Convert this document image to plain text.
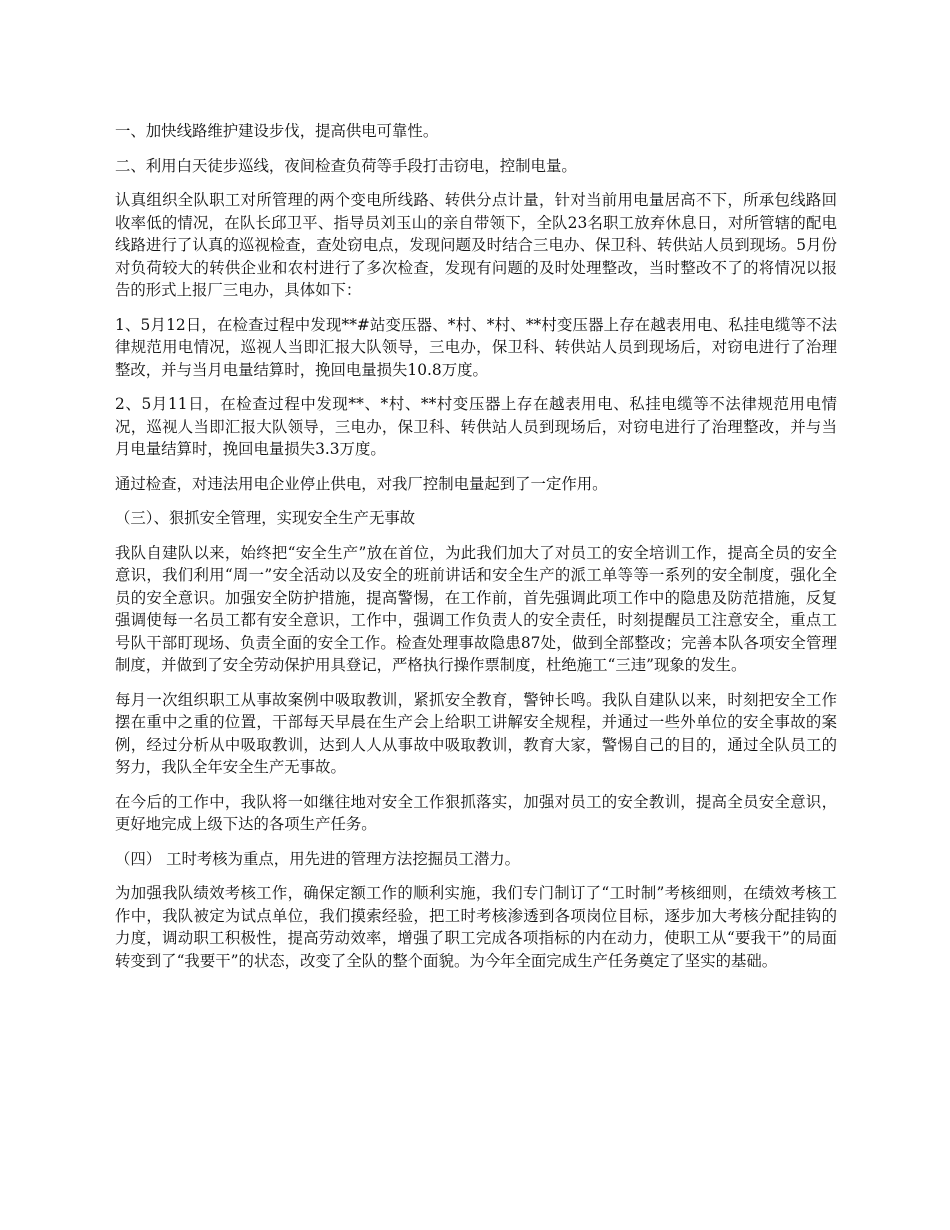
一、加快线路维护建设步伐，提高供电可靠性。

二、利用白天徒步巡线，夜间检查负荷等手段打击窃电，控制电量。

认真组织全队职工对所管理的两个变电所线路、转供分点计量，针对当前用电量居高不下，所承包线路回收率低的情况，在队长邱卫平、指导员刘玉山的亲自带领下，全队23名职工放弃休息日，对所管辖的配电线路进行了认真的巡视检查，查处窃电点，发现问题及时结合三电办、保卫科、转供站人员到现场。5月份对负荷较大的转供企业和农村进行了多次检查，发现有问题的及时处理整改，当时整改不了的将情况以报告的形式上报厂三电办，具体如下：

1、5月12日，在检查过程中发现**#站变压器、*村、*村、**村变压器上存在越表用电、私挂电缆等不法律规范用电情况，巡视人当即汇报大队领导，三电办，保卫科、转供站人员到现场后，对窃电进行了治理整改，并与当月电量结算时，挽回电量损失10.8万度。

2、5月11日，在检查过程中发现**、*村、**村变压器上存在越表用电、私挂电缆等不法律规范用电情况，巡视人当即汇报大队领导，三电办，保卫科、转供站人员到现场后，对窃电进行了治理整改，并与当月电量结算时，挽回电量损失3.3万度。

通过检查，对违法用电企业停止供电，对我厂控制电量起到了一定作用。

（三）、狠抓安全管理，实现安全生产无事故

我队自建队以来，始终把“安全生产”放在首位，为此我们加大了对员工的安全培训工作，提高全员的安全意识，我们利用“周一”安全活动以及安全的班前讲话和安全生产的派工单等等一系列的安全制度，强化全员的安全意识。加强安全防护措施，提高警惕，在工作前，首先强调此项工作中的隐患及防范措施，反复强调使每一名员工都有安全意识，工作中，强调工作负责人的安全责任，时刻提醒员工注意安全，重点工号队干部盯现场、负责全面的安全工作。检查处理事故隐患87处，做到全部整改；完善本队各项安全管理制度，并做到了安全劳动保护用具登记，严格执行操作票制度，杜绝施工“三违”现象的发生。

每月一次组织职工从事故案例中吸取教训，紧抓安全教育，警钟长鸣。我队自建队以来，时刻把安全工作摆在重中之重的位置，干部每天早晨在生产会上给职工讲解安全规程，并通过一些外单位的安全事故的案例，经过分析从中吸取教训，达到人人从事故中吸取教训，教育大家，警惕自己的目的，通过全队员工的努力，我队全年安全生产无事故。

在今后的工作中，我队将一如继往地对安全工作狠抓落实，加强对员工的安全教训，提高全员安全意识，更好地完成上级下达的各项生产任务。

（四） 工时考核为重点，用先进的管理方法挖掘员工潜力。

为加强我队绩效考核工作，确保定额工作的顺利实施，我们专门制订了“工时制”考核细则，在绩效考核工作中，我队被定为试点单位，我们摸索经验，把工时考核渗透到各项岗位目标，逐步加大考核分配挂钩的力度，调动职工积极性，提高劳动效率，增强了职工完成各项指标的内在动力，使职工从“要我干”的局面转变到了“我要干”的状态，改变了全队的整个面貌。为今年全面完成生产任务奠定了坚实的基础。
